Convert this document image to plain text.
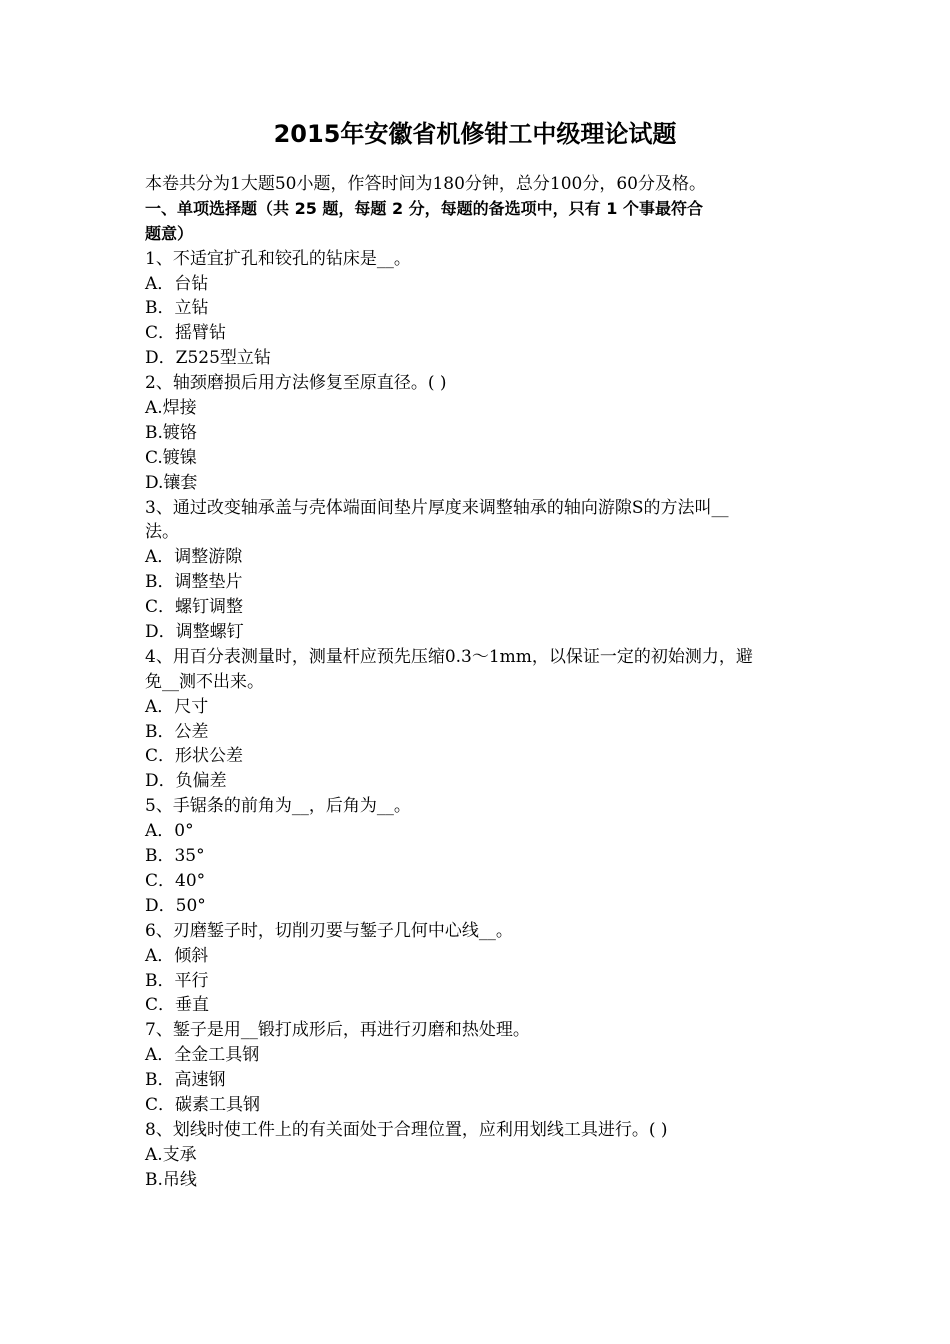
2015年安徽省机修钳工中级理论试题
本卷共分为1大题50小题，作答时间为180分钟，总分100分，60分及格。
一、单项选择题（共 25 题，每题 2 分，每题的备选项中，只有 1 个事最符合
题意）
1、不适宜扩孔和铰孔的钻床是__。
A．台钻
B．立钻
C．摇臂钻
D．Z525型立钻
2、轴颈磨损后用方法修复至原直径。( )
A.焊接
B.镀铬
C.镀镍
D.镶套
3、通过改变轴承盖与壳体端面间垫片厚度来调整轴承的轴向游隙S的方法叫__
法。
A．调整游隙
B．调整垫片
C．螺钉调整
D．调整螺钉
4、用百分表测量时，测量杆应预先压缩0.3～1mm，以保证一定的初始测力，避
免__测不出来。
A．尺寸
B．公差
C．形状公差
D．负偏差
5、手锯条的前角为__，后角为__。
A．0°
B．35°
C．40°
D．50°
6、刃磨錾子时，切削刃要与錾子几何中心线__。
A．倾斜
B．平行
C．垂直
7、錾子是用__锻打成形后，再进行刃磨和热处理。
A．全金工具钢
B．高速钢
C．碳素工具钢
8、划线时使工件上的有关面处于合理位置，应利用划线工具进行。( )
A.支承
B.吊线
